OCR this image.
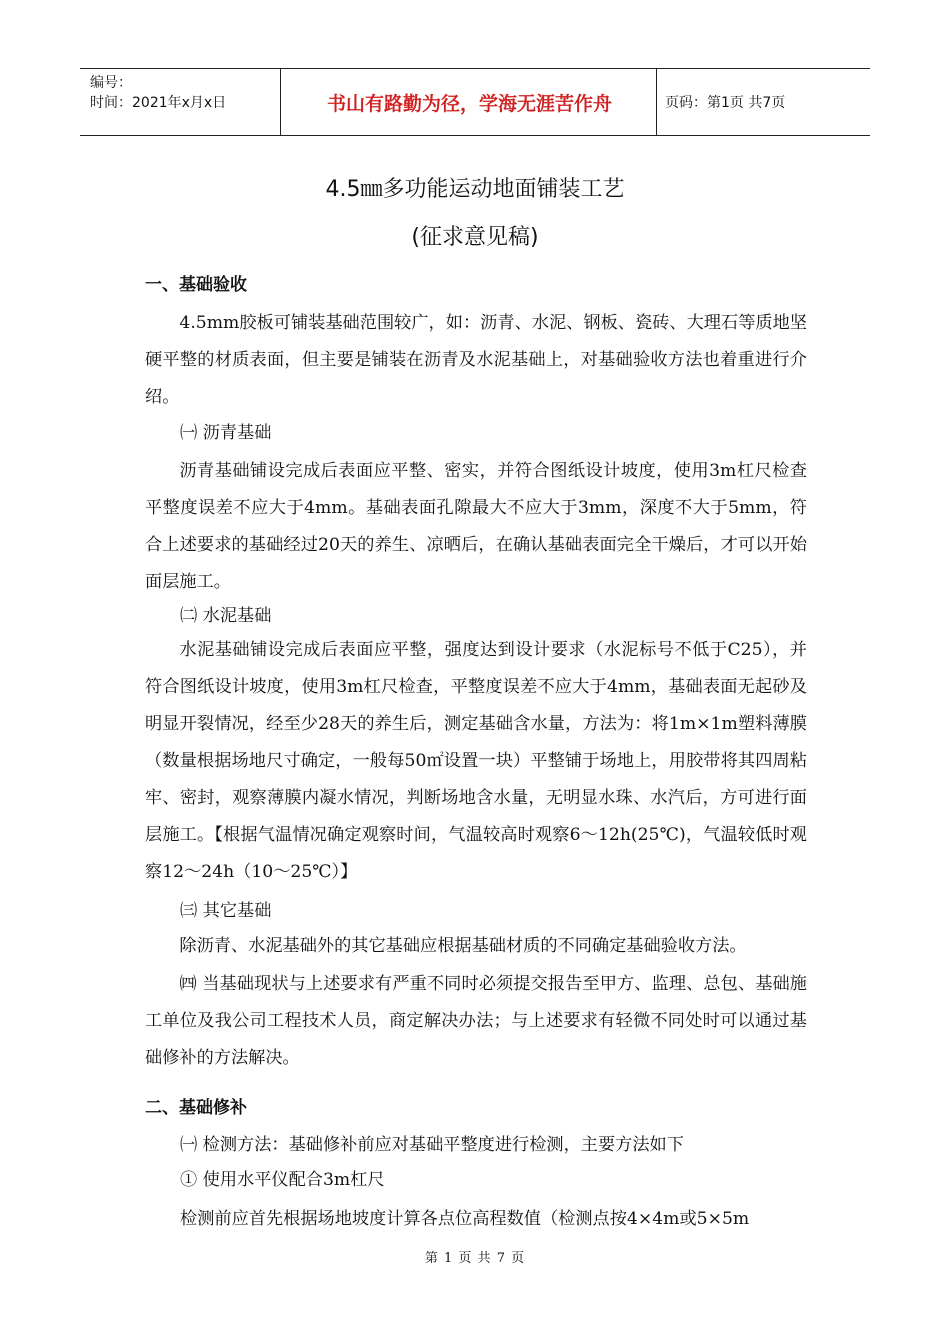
编号：
时间：2021年x月x日	书山有路勤为径，学海无涯苦作舟	页码：第1页 共7页
4.5㎜多功能运动地面铺装工艺
(征求意见稿)
一、基础验收

4.5mm胶板可铺装基础范围较广，如：沥青、水泥、钢板、瓷砖、大理石等质地坚硬平整的材质表面，但主要是铺装在沥青及水泥基础上，对基础验收方法也着重进行介绍。

㈠ 沥青基础

沥青基础铺设完成后表面应平整、密实，并符合图纸设计坡度，使用3m杠尺检查平整度误差不应大于4mm。基础表面孔隙最大不应大于3mm，深度不大于5mm，符合上述要求的基础经过20天的养生、凉晒后，在确认基础表面完全干燥后，才可以开始面层施工。

㈡ 水泥基础

水泥基础铺设完成后表面应平整，强度达到设计要求（水泥标号不低于C25），并符合图纸设计坡度，使用3m杠尺检查，平整度误差不应大于4mm，基础表面无起砂及明显开裂情况，经至少28天的养生后，测定基础含水量，方法为：将1m×1m塑料薄膜（数量根据场地尺寸确定，一般每50㎡设置一块）平整铺于场地上，用胶带将其四周粘牢、密封，观察薄膜内凝水情况，判断场地含水量，无明显水珠、水汽后，方可进行面层施工。【根据气温情况确定观察时间，气温较高时观察6～12h(25℃)，气温较低时观察12～24h（10～25℃）】

㈢ 其它基础

除沥青、水泥基础外的其它基础应根据基础材质的不同确定基础验收方法。

㈣ 当基础现状与上述要求有严重不同时必须提交报告至甲方、监理、总包、基础施工单位及我公司工程技术人员，商定解决办法；与上述要求有轻微不同处时可以通过基础修补的方法解决。

二、基础修补
㈠ 检测方法：基础修补前应对基础平整度进行检测，主要方法如下
① 使用水平仪配合3m杠尺
检测前应首先根据场地坡度计算各点位高程数值（检测点按4×4m或5×5m
第 1 页 共 7 页
